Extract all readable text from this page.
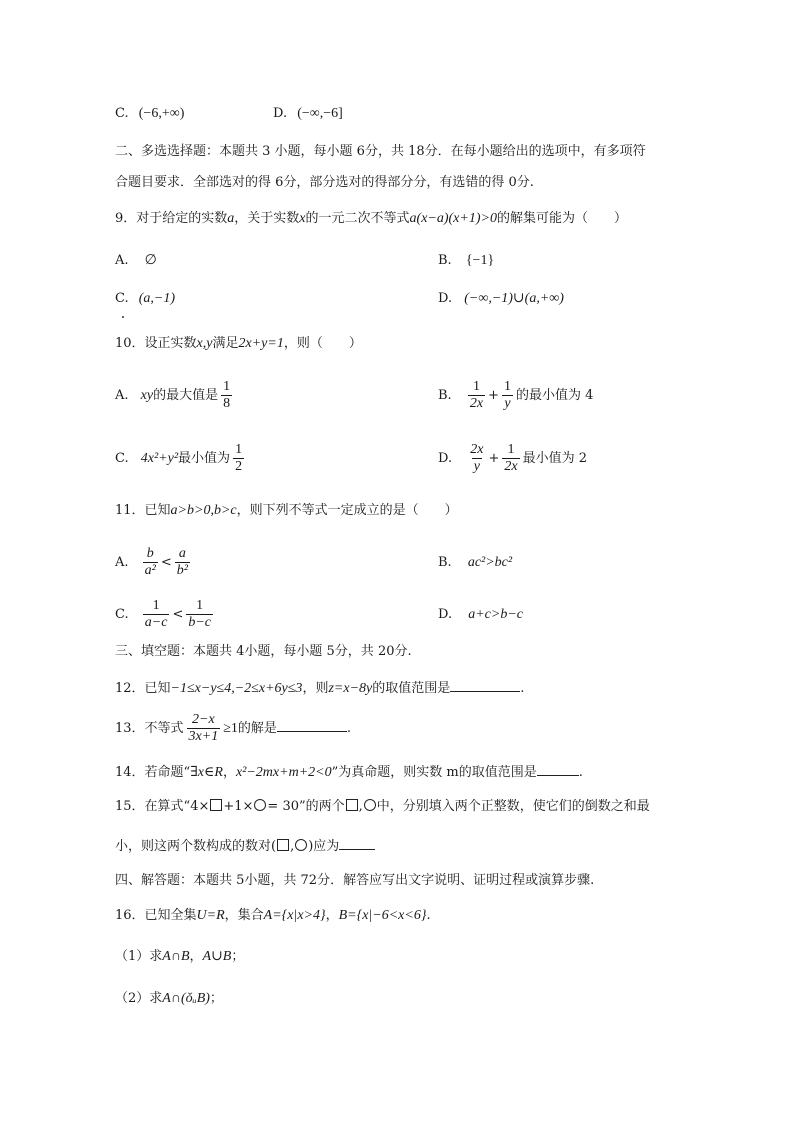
C. (−6,+∞)	D. (−∞,−6]
二、多选选择题：本题共 3 小题，每小题 6分，共 18分．在每小题给出的选项中，有多项符
合题目要求．全部选对的得 6分，部分选对的得部分分，有选错的得 0分.
9．对于给定的实数a，关于实数x的一元二次不等式a(x−a)(x+1)>0的解集可能为（　　）
A. ∅	B. {−1}
C. (a,−1)	D. (−∞,−1)∪(a,+∞)
10．设正实数x,y满足2x+y=1，则（　　）
A. xy的最大值是 $\frac{1}{8}$	B. $\frac{1}{2x} + \frac{1}{y}$ 的最小值为 4
C. 4x²+y²最小值为 $\frac{1}{2}$	D. $\frac{2x}{y} + \frac{1}{2x}$ 最小值为 2
11．已知a>b>0,b>c，则下列不等式一定成立的是（　　）
A. $\frac{b}{\text{a²}} < \frac{a}{\text{b²}}$	B. ac²>bc²
C. $\frac{1}{a-c} < \frac{1}{b-c}$	D. a+c>b−c
三、填空题：本题共 4小题，每小题 5分，共 20分.
12．已知−1≤x−y≤4,−2≤x+6y≤3，则z=x−8y的取值范围是	.
13．不等式 $\frac{2-x}{3x+1} \ge 1$的解是	.
14．若命题“∃x∈R，x²−2mx+m+2<0”为真命题，则实数 m的取值范围是	.
15．在算式“4× +1× = 30”的两个 , 中，分别填入两个正整数，使它们的倒数之和最
小，则这两个数构成的数对( , )应为
四、解答题：本题共 5小题，共 72分．解答应写出文字说明、证明过程或演算步骤.
16．已知全集U=R，集合A={x|x>4}，B={x|−6<x<6}.
（1）求A∩B，A∪B；
（2）求A∩(ǒᵤB)；
